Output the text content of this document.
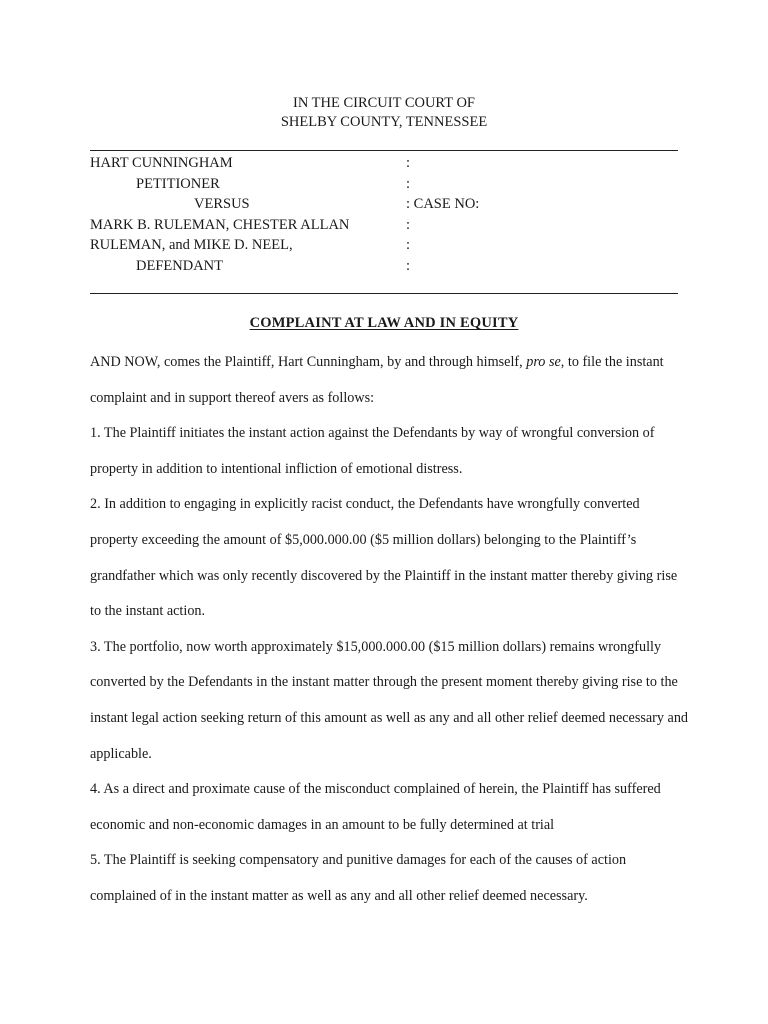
IN THE CIRCUIT COURT OF
SHELBY COUNTY, TENNESSEE
HART CUNNINGHAM	:
PETITIONER	:
VERSUS	: CASE NO:
MARK B. RULEMAN, CHESTER ALLAN	:
RULEMAN, and MIKE D. NEEL,	:
DEFENDANT	:
COMPLAINT AT LAW AND IN EQUITY

AND NOW, comes the Plaintiff, Hart Cunningham, by and through himself, pro se, to file the instant complaint and in support thereof avers as follows:

1. The Plaintiff initiates the instant action against the Defendants by way of wrongful conversion of property in addition to intentional infliction of emotional distress.

2. In addition to engaging in explicitly racist conduct, the Defendants have wrongfully converted property exceeding the amount of $5,000.000.00 ($5 million dollars) belonging to the Plaintiff’s grandfather which was only recently discovered by the Plaintiff in the instant matter thereby giving rise to the instant action.

3. The portfolio, now worth approximately $15,000.000.00 ($15 million dollars) remains wrongfully converted by the Defendants in the instant matter through the present moment thereby giving rise to the instant legal action seeking return of this amount as well as any and all other relief deemed necessary and applicable.

4. As a direct and proximate cause of the misconduct complained of herein, the Plaintiff has suffered economic and non-economic damages in an amount to be fully determined at trial

5. The Plaintiff is seeking compensatory and punitive damages for each of the causes of action complained of in the instant matter as well as any and all other relief deemed necessary.
